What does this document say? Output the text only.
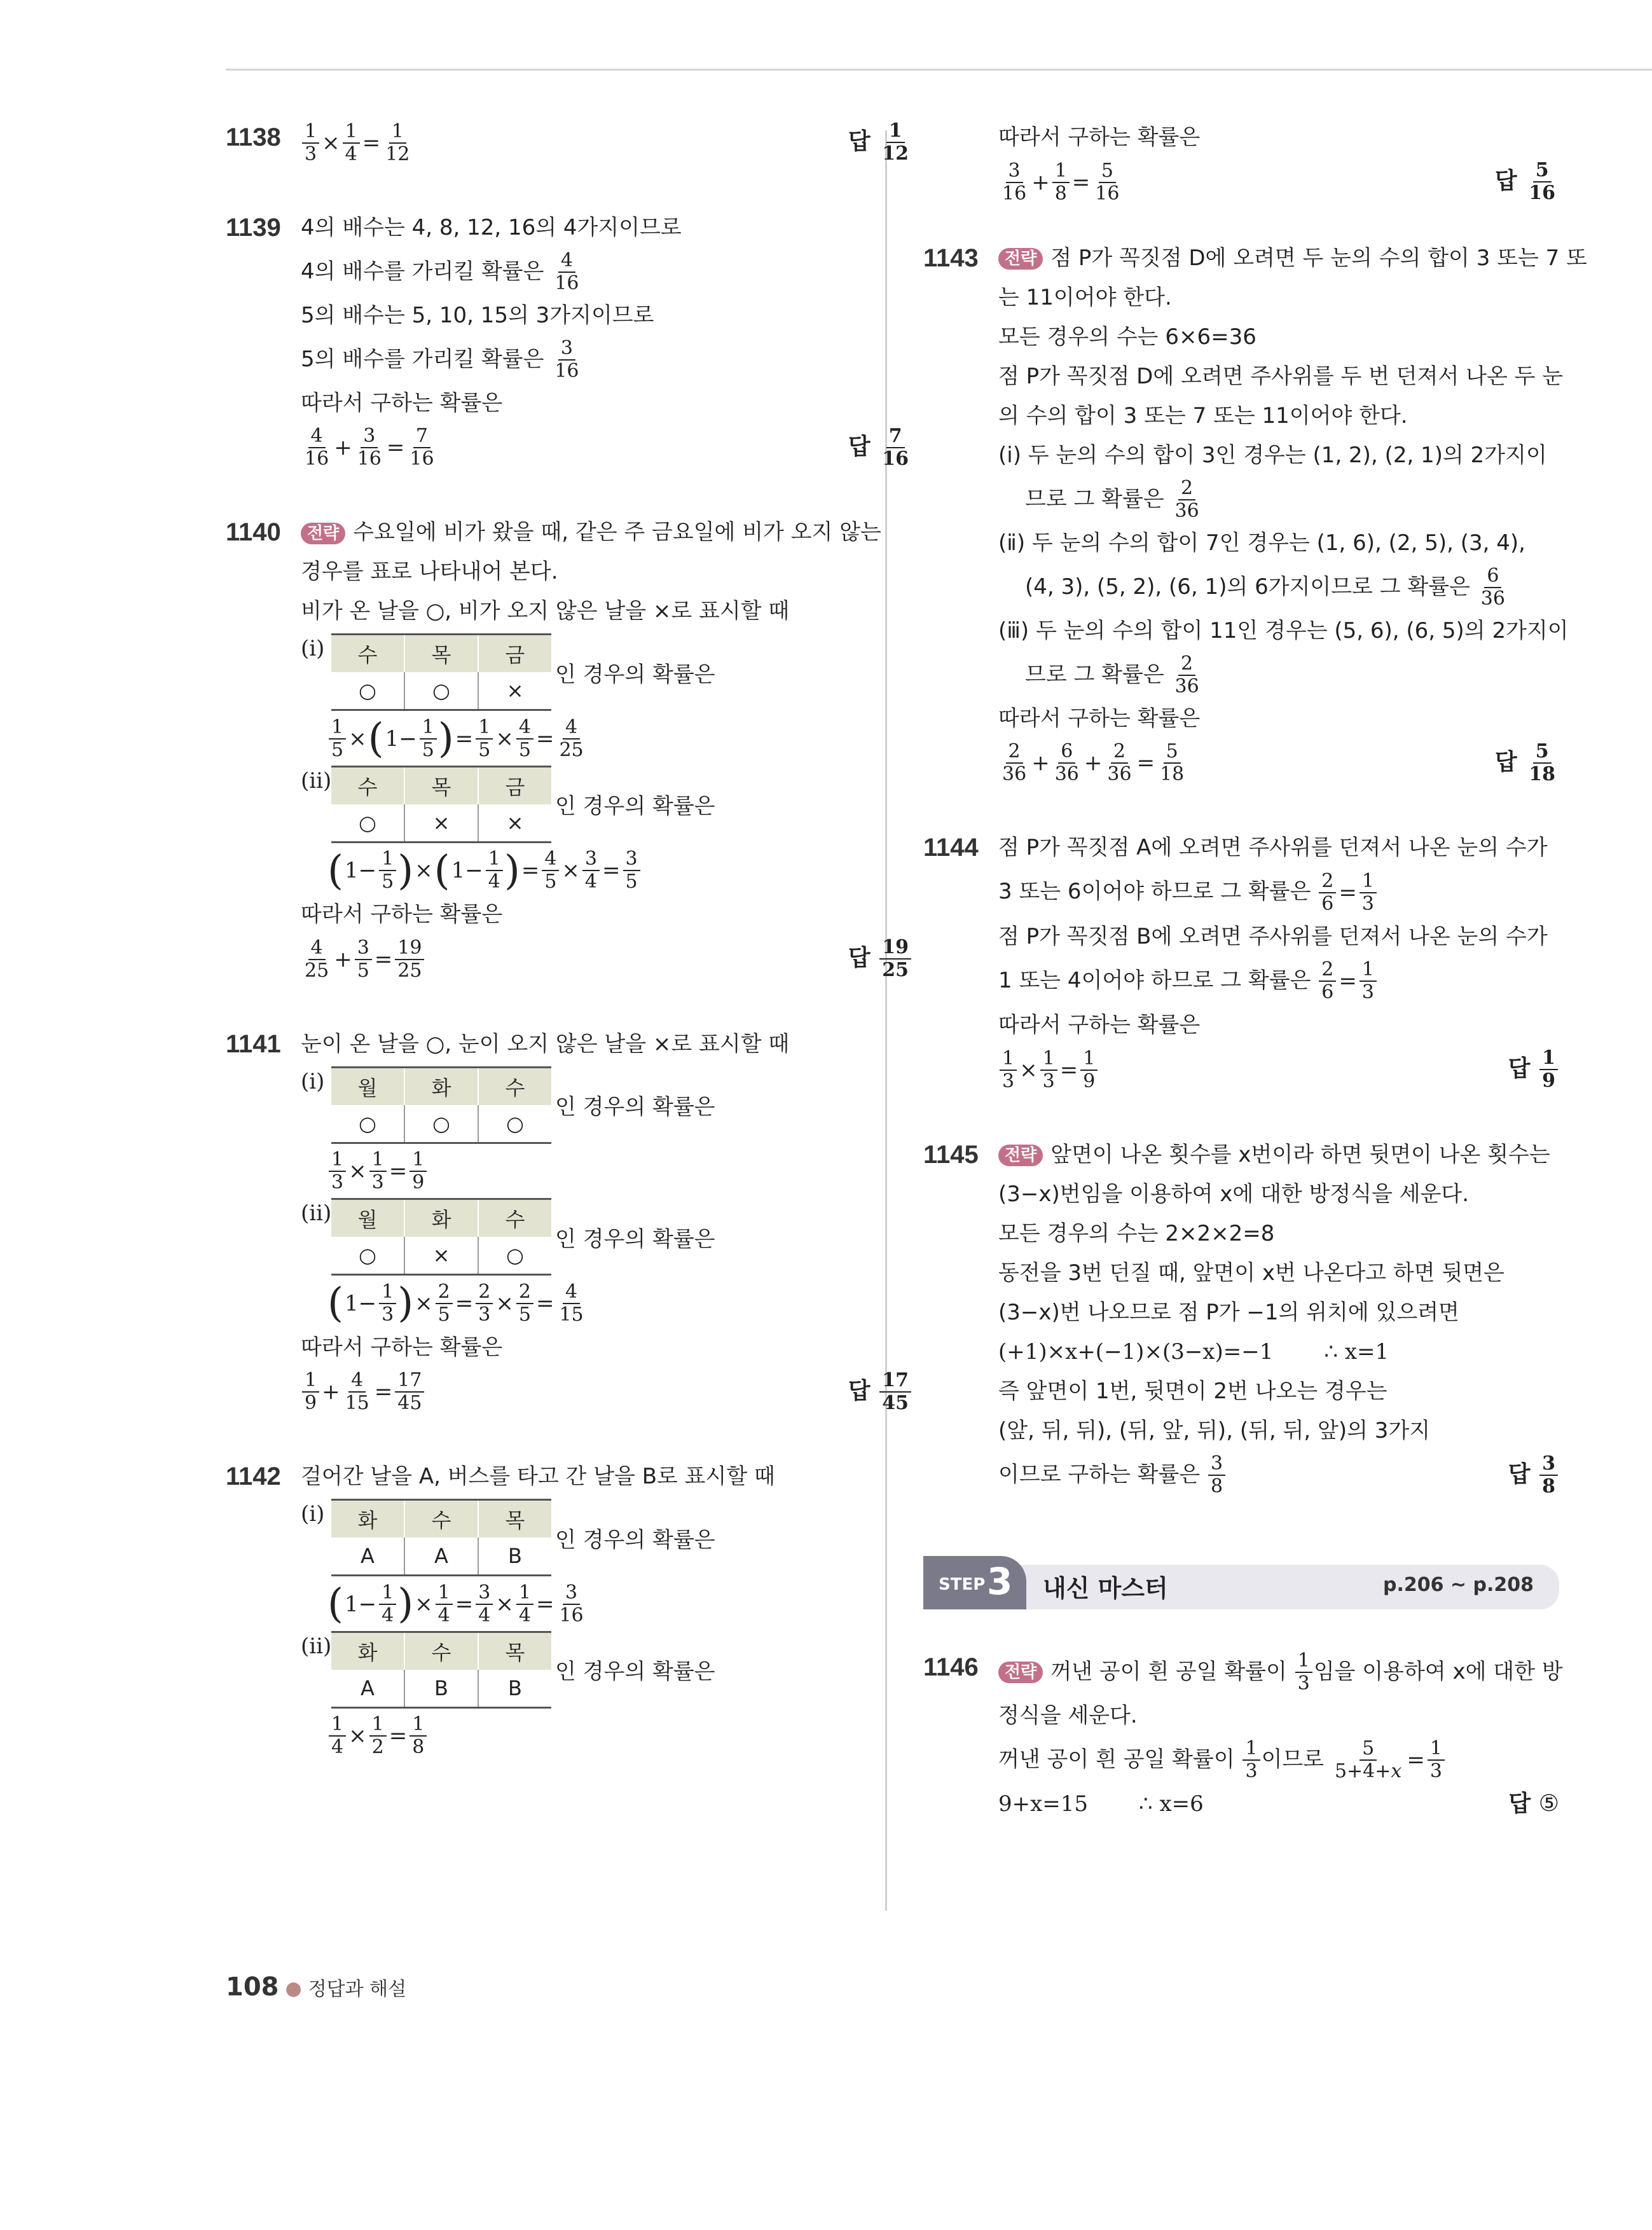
$1138 \frac{1}{3} \times \frac{1}{4} = \frac{1}{12}$	답 $\frac{1}{12}$
1139 4의 배수는 4, 8, 12, 16의 4가지이므로
4의 배수를 가리킬 확률은 $\frac{4}{16}$
5의 배수는 5, 10, 15의 3가지이므로
5의 배수를 가리킬 확률은 $\frac{3}{16}$
따라서 구하는 확률은
$\frac{4}{16} + \frac{3}{16} = \frac{7}{16}$	답 $\frac{7}{16}$
1140	전략 수요일에 비가 왔을 때, 같은 주 금요일에 비가 오지 않는
경우를 표로 나타내어 본다.
비가 온 날을 ○, 비가 오지 않은 날을 ×로 표시할 때
(ⅰ)	수	목	금
○	○	×
인 경우의 확률은
$\frac{1}{5} \times(1- \frac{1}{5}$ )= $\frac{1}{5} \times \frac{4}{5} = \frac{4}{25}$
(ⅱ) 수	목	금
○	×	×
인 경우의 확률은
$(1- \frac{1}{5} )\times(1- \frac{1}{4}$ )= $\frac{4}{5} \times \frac{3}{4} = \frac{3}{5}$
따라서 구하는 확률은
$\frac{4}{25} + \frac{3}{5} = \frac{19}{25}$	답 $\frac{19}{25}$
1141 눈이 온 날을 ○, 눈이 오지 않은 날을 ×로 표시할 때
(ⅰ)	월	화	수
○	○	○
인 경우의 확률은
$\frac{1}{3} \times \frac{1}{3} = \frac{1}{9}$
(ⅱ) 월	화	수
○	×	○
인 경우의 확률은
($1- \frac{1}{3}$ )× $\frac{2}{5} = \frac{2}{3} \times \frac{2}{5} = \frac{4}{15}$
따라서 구하는 확률은
$\frac{1}{9} + \frac{4}{15} = \frac{17}{45}$	답 $\frac{17}{45}$
1142 걸어간 날을 A, 버스를 타고 간 날을 B로 표시할 때
(ⅰ)	화	수	목
A	A	B
인 경우의 확률은
($1- \frac{1}{4}$ )× $\frac{1}{4} = \frac{3}{4} \times \frac{1}{4} = \frac{3}{16}$
(ⅱ) 화	수	목
A	B	B
인 경우의 확률은
$\frac{1}{4} \times \frac{1}{2} = \frac{1}{8}$
따라서 구하는 확률은
$\frac{3}{16} + \frac{1}{8} = \frac{5}{16}$	답 $\frac{5}{16}$
1143	전략 점 P가 꼭짓점 D에 오려면 두 눈의 수의 합이 3 또는 7 또
는 11이어야 한다.
모든 경우의 수는 6×6=36
점 P가 꼭짓점 D에 오려면 주사위를 두 번 던져서 나온 두 눈
의 수의 합이 3 또는 7 또는 11이어야 한다.
(ⅰ) 두 눈의 수의 합이 3인 경우는 (1, 2), (2, 1)의 2가지이
므로 그 확률은 $\frac{2}{36}$
(ⅱ) 두 눈의 수의 합이 7인 경우는 (1, 6), (2, 5), (3, 4),
(4, 3), (5, 2), (6, 1)의 6가지이므로 그 확률은 $\frac{6}{36}$
(ⅲ) 두 눈의 수의 합이 11인 경우는 (5, 6), (6, 5)의 2가지이
므로 그 확률은 $\frac{2}{36}$
따라서 구하는 확률은
$\frac{2}{36} + \frac{6}{36} + \frac{2}{36} = \frac{5}{18}$	답 $\frac{5}{18}$
1144 점 P가 꼭짓점 A에 오려면 주사위를 던져서 나온 눈의 수가
3 또는 6이어야 하므로 그 확률은 $\frac{2}{6} = \frac{1}{3}$
점 P가 꼭짓점 B에 오려면 주사위를 던져서 나온 눈의 수가
1 또는 4이어야 하므로 그 확률은 $\frac{2}{6} = \frac{1}{3}$
따라서 구하는 확률은
$\frac{1}{3} \times \frac{1}{3} = \frac{1}{9}$	답 $\frac{1}{9}$
1145	전략 앞면이 나온 횟수를 x번이라 하면 뒷면이 나온 횟수는
(3−x)번임을 이용하여 x에 대한 방정식을 세운다.
모든 경우의 수는 2×2×2=8
동전을 3번 던질 때, 앞면이 x번 나온다고 하면 뒷면은
(3−x)번 나오므로 점 P가 −1의 위치에 있으려면
(+1)×x+(−1)×(3−x)=−1 ∴ x=1
즉 앞면이 1번, 뒷면이 2번 나오는 경우는
(앞, 뒤, 뒤), (뒤, 앞, 뒤), (뒤, 뒤, 앞)의 3가지
이므로 구하는 확률은 $\frac{3}{8}$	답 $\frac{3}{8}$
STEP 3 내신 마스터	p.206 ~ p.208
1146	전략 꺼낸 공이 흰 공일 확률이 $\frac{1}{3}$ 임을 이용하여 x에 대한 방
정식을 세운다.
꺼낸 공이 흰 공일 확률이 $\frac{1}{3}$ 이므로 $\frac{5}{5+4+x} = \frac{1}{3}$
9+x=15 ∴ x=6	답 ⑤
108 ● 정답과 해설
